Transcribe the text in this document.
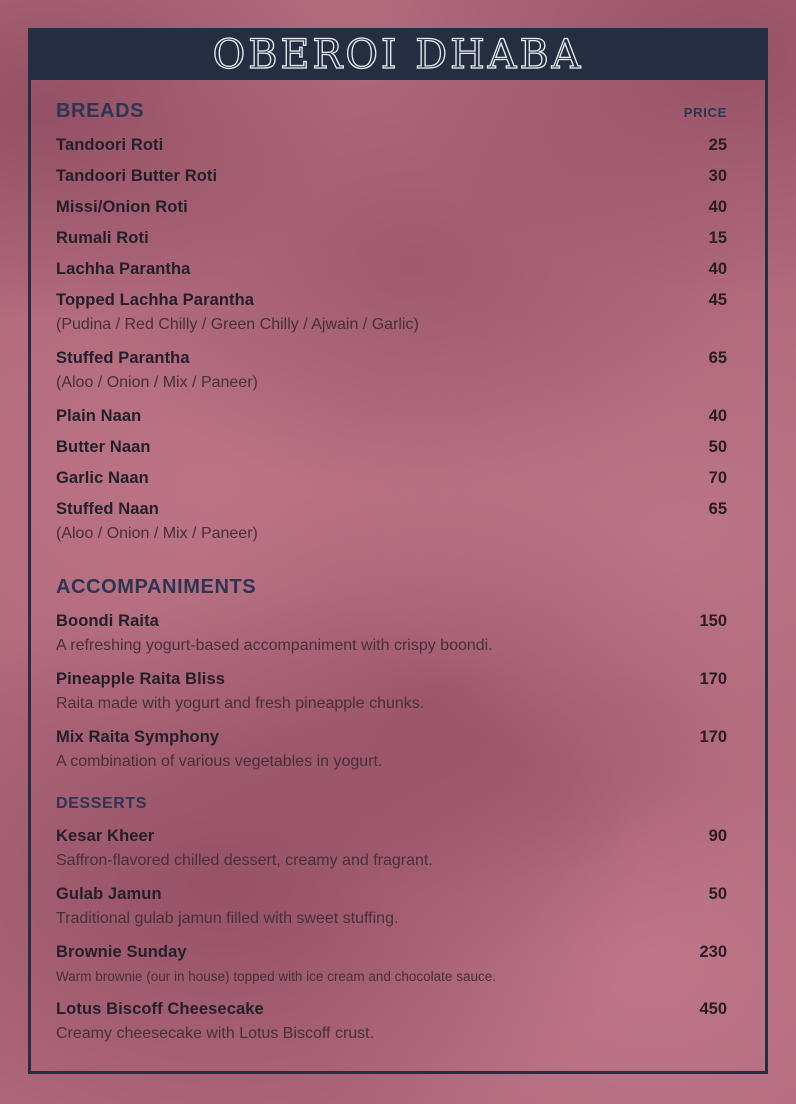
OBEROI DHABA
BREADS	PRICE
Tandoori Roti	25
Tandoori Butter Roti	30
Missi/Onion Roti	40
Rumali Roti	15
Lachha Parantha	40
Topped Lachha Parantha	45
(Pudina / Red Chilly / Green Chilly / Ajwain / Garlic)
Stuffed Parantha	65
(Aloo / Onion / Mix / Paneer)
Plain Naan	40
Butter Naan	50
Garlic Naan	70
Stuffed Naan	65
(Aloo / Onion / Mix / Paneer)
ACCOMPANIMENTS
Boondi Raita	150
A refreshing yogurt-based accompaniment with crispy boondi.
Pineapple Raita Bliss	170
Raita made with yogurt and fresh pineapple chunks.
Mix Raita Symphony	170
A combination of various vegetables in yogurt.
DESSERTS
Kesar Kheer	90
Saffron-flavored chilled dessert, creamy and fragrant.
Gulab Jamun	50
Traditional gulab jamun filled with sweet stuffing.
Brownie Sunday	230
Warm brownie (our in house) topped with ice cream and chocolate sauce.
Lotus Biscoff Cheesecake	450
Creamy cheesecake with Lotus Biscoff crust.
